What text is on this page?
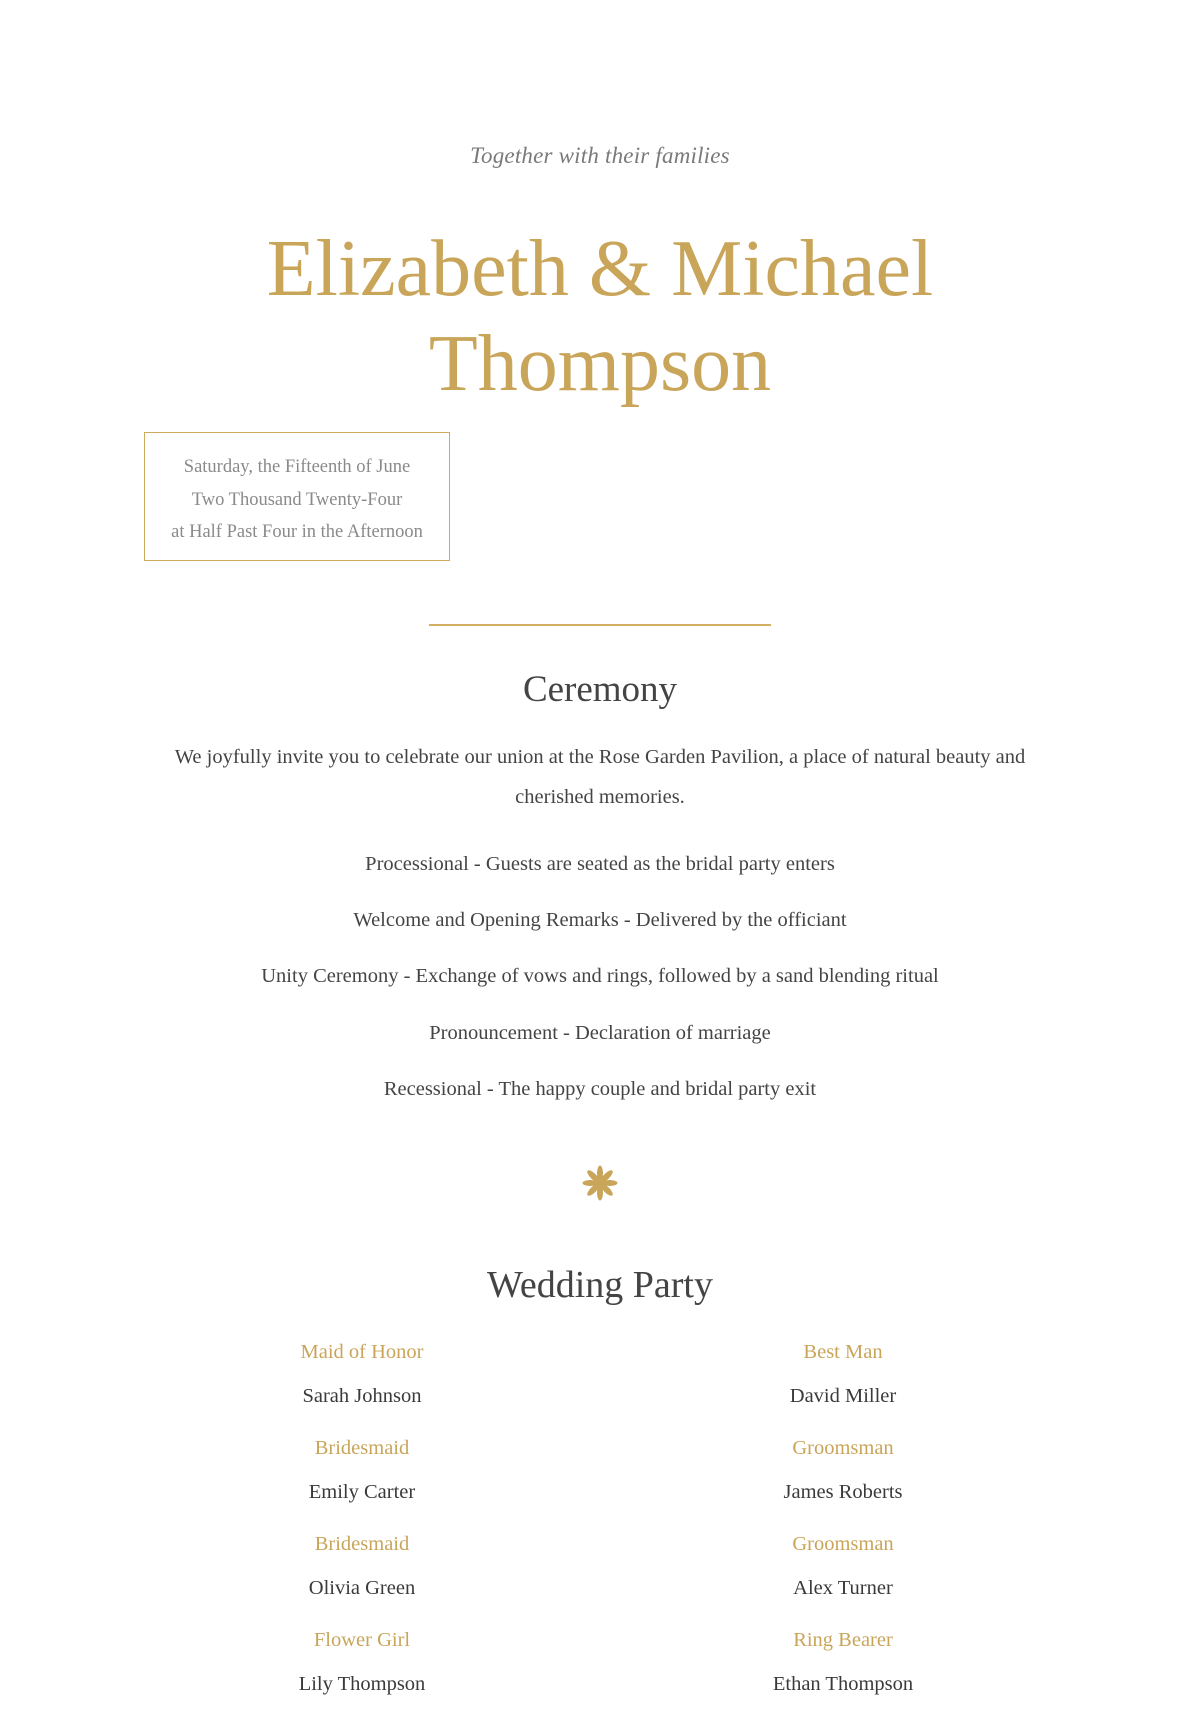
Together with their families
Elizabeth & Michael
Thompson
Saturday, the Fifteenth of June
Two Thousand Twenty-Four
at Half Past Four in the Afternoon
Ceremony

We joyfully invite you to celebrate our union at the Rose Garden Pavilion, a place of natural beauty and cherished memories.

Processional - Guests are seated as the bridal party enters
Welcome and Opening Remarks - Delivered by the officiant
Unity Ceremony - Exchange of vows and rings, followed by a sand blending ritual
Pronouncement - Declaration of marriage
Recessional - The happy couple and bridal party exit
Wedding Party
Maid of Honor
Sarah Johnson
Bridesmaid
Emily Carter
Bridesmaid
Olivia Green
Flower Girl
Lily Thompson
Best Man
David Miller
Groomsman
James Roberts
Groomsman
Alex Turner
Ring Bearer
Ethan Thompson
